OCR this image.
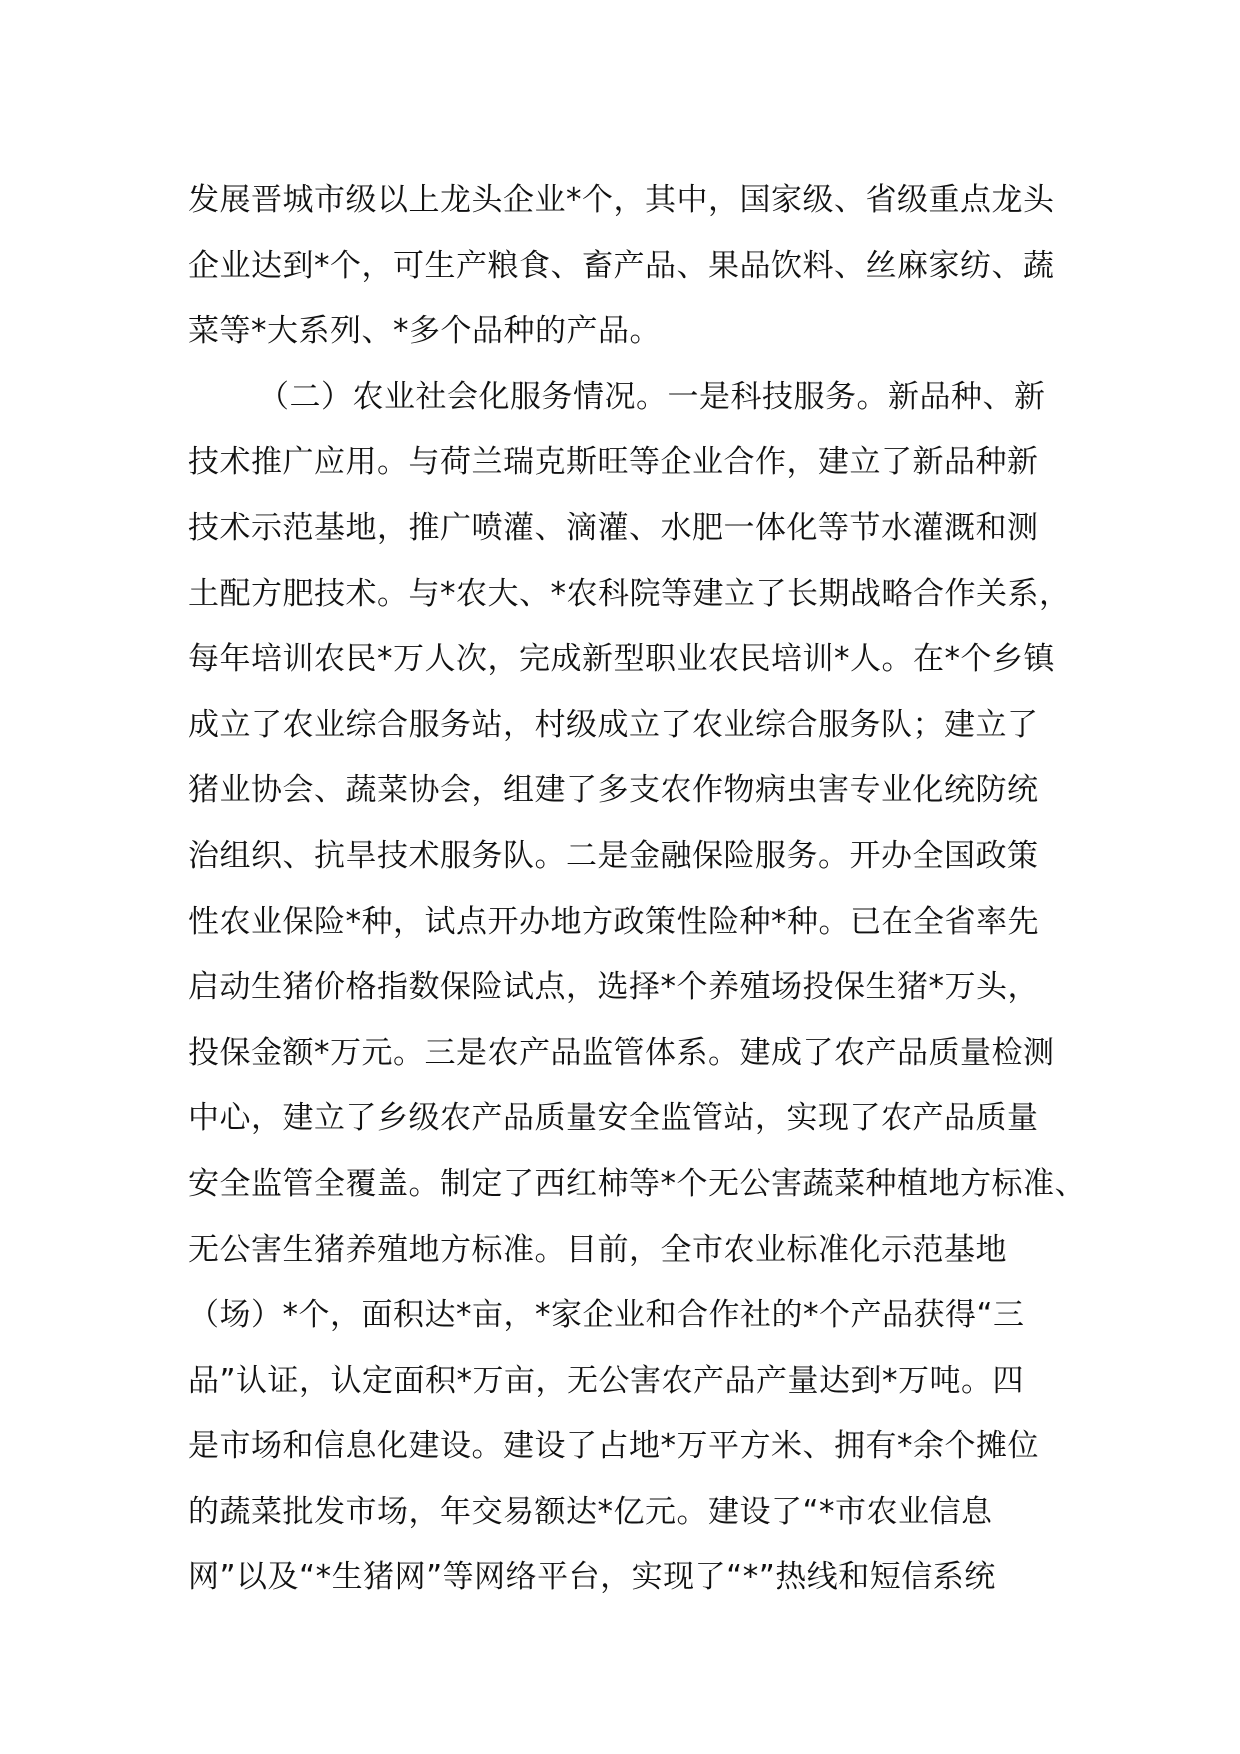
发展晋城市级以上龙头企业*个，其中，国家级、省级重点龙头
企业达到*个，可生产粮食、畜产品、果品饮料、丝麻家纺、蔬
菜等*大系列、*多个品种的产品。
（二）农业社会化服务情况。一是科技服务。新品种、新
技术推广应用。与荷兰瑞克斯旺等企业合作，建立了新品种新
技术示范基地，推广喷灌、滴灌、水肥一体化等节水灌溉和测
土配方肥技术。与*农大、*农科院等建立了长期战略合作关系，
每年培训农民*万人次，完成新型职业农民培训*人。在*个乡镇
成立了农业综合服务站，村级成立了农业综合服务队；建立了
猪业协会、蔬菜协会，组建了多支农作物病虫害专业化统防统
治组织、抗旱技术服务队。二是金融保险服务。开办全国政策
性农业保险*种，试点开办地方政策性险种*种。已在全省率先
启动生猪价格指数保险试点，选择*个养殖场投保生猪*万头，
投保金额*万元。三是农产品监管体系。建成了农产品质量检测
中心，建立了乡级农产品质量安全监管站，实现了农产品质量
安全监管全覆盖。制定了西红柿等*个无公害蔬菜种植地方标准、
无公害生猪养殖地方标准。目前，全市农业标准化示范基地
（场）*个，面积达*亩，*家企业和合作社的*个产品获得“三
品”认证，认定面积*万亩，无公害农产品产量达到*万吨。四
是市场和信息化建设。建设了占地*万平方米、拥有*余个摊位
的蔬菜批发市场，年交易额达*亿元。建设了“*市农业信息
网”以及“*生猪网”等网络平台，实现了“*”热线和短信系统
